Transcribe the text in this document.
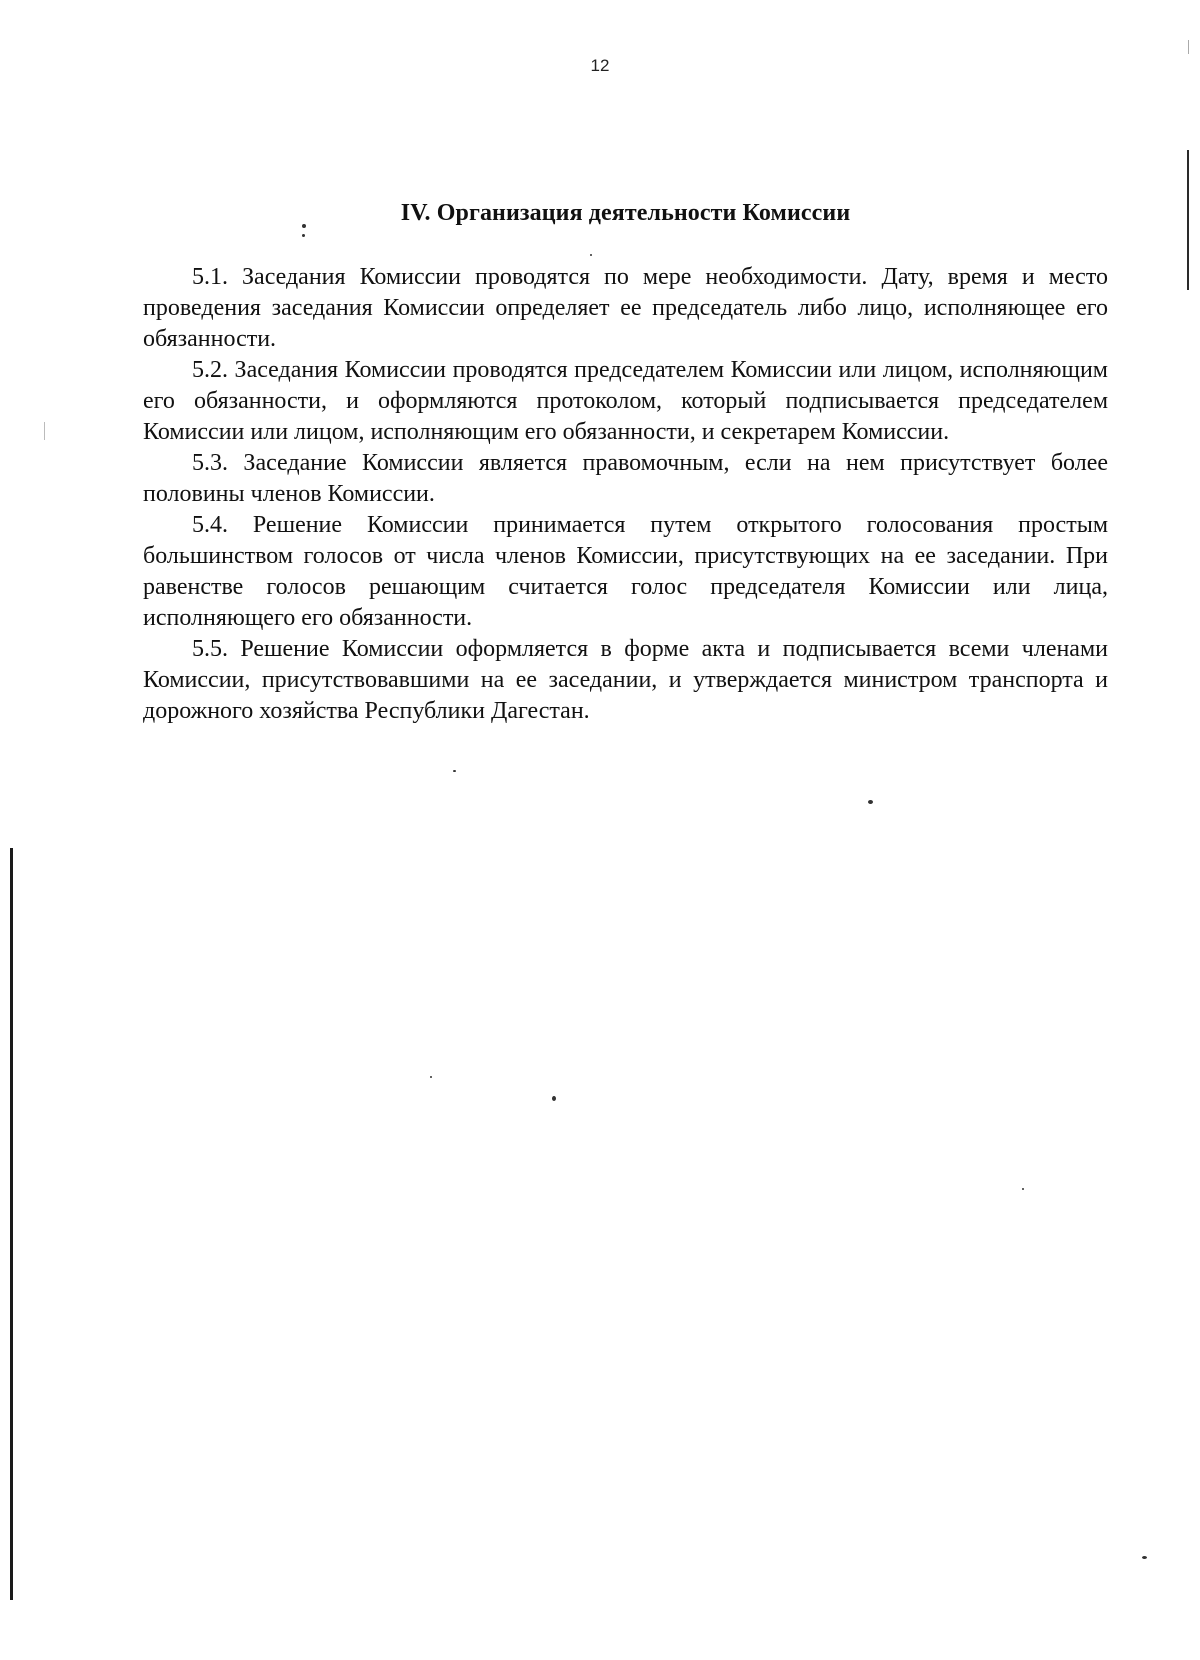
12
IV. Организация деятельности Комиссии

5.1. Заседания Комиссии проводятся по мере необходимости. Дату, время и место проведения заседания Комиссии определяет ее председатель либо лицо, исполняющее его обязанности.

5.2. Заседания Комиссии проводятся председателем Комиссии или лицом, исполняющим его обязанности, и оформляются протоколом, который подписывается председателем Комиссии или лицом, исполняющим его обязанности, и секретарем Комиссии.

5.3. Заседание Комиссии является правомочным, если на нем присутствует более половины членов Комиссии.

5.4. Решение Комиссии принимается путем открытого голосования простым большинством голосов от числа членов Комиссии, присутствующих на ее заседании. При равенстве голосов решающим считается голос председателя Комиссии или лица, исполняющего его обязанности.

5.5. Решение Комиссии оформляется в форме акта и подписывается всеми членами Комиссии, присутствовавшими на ее заседании, и утверждается министром транспорта и дорожного хозяйства Республики Дагестан.
